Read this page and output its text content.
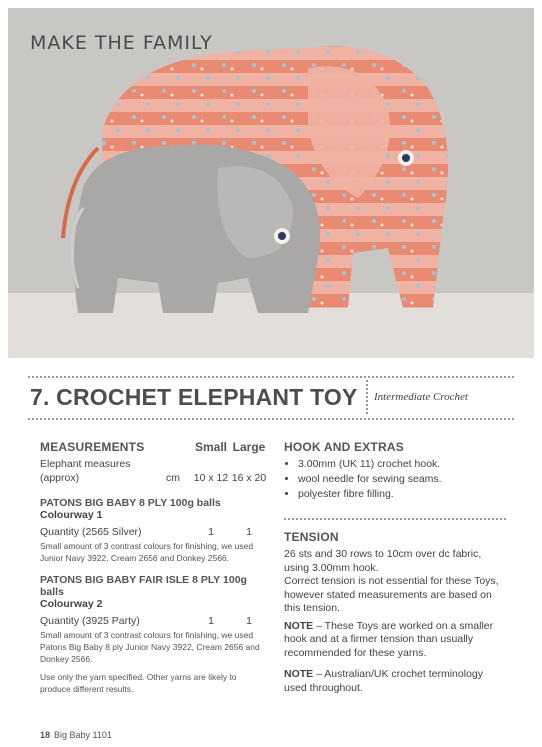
MAKE THE FAMILY
7. CROCHET ELEPHANT TOY Intermediate Crochet
MEASUREMENTS	Small Large
Elephant measures
(approx)	cm	10 x 12 16 x 20
PATONS BIG BABY 8 PLY 100g balls
Colourway 1
Quantity (2565 Silver)	1	1
Small amount of 3 contrast colours for finishing, we used Junior Navy 3922, Cream 2656 and Donkey 2566.
PATONS BIG BABY FAIR ISLE 8 PLY 100g balls
Colourway 2
Quantity (3925 Party)	1	1
Small amount of 3 contrast colours for finishing, we used Patons Big Baby 8 ply Junior Navy 3922, Cream 2656 and Donkey 2566.
Use only the yarn specified. Other yarns are likely to produce different results.
HOOK AND EXTRAS
• 3.00mm (UK 11) crochet hook.
• wool needle for sewing seams.
• polyester fibre filling.
TENSION
26 sts and 30 rows to 10cm over dc fabric, using 3.00mm hook.
Correct tension is not essential for these Toys, however stated measurements are based on this tension.
NOTE – These Toys are worked on a smaller hook and at a firmer tension than usually recommended for these yarns.
NOTE – Australian/UK crochet terminology used throughout.
18 Big Baby 1101
